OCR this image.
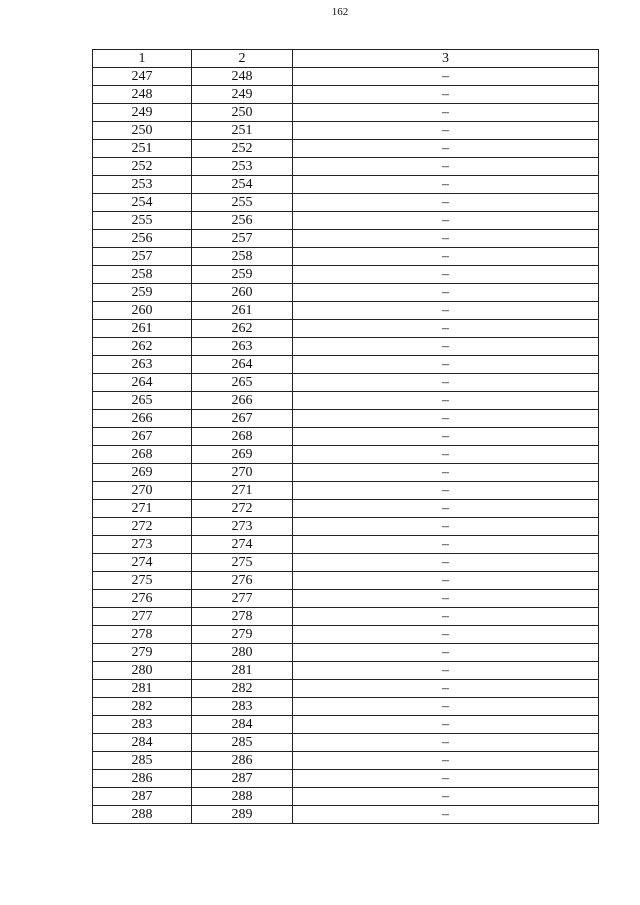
162
1	2	3
247	248	–
248	249	–
249	250	–
250	251	–
251	252	–
252	253	–
253	254	–
254	255	–
255	256	–
256	257	–
257	258	–
258	259	–
259	260	–
260	261	–
261	262	–
262	263	–
263	264	–
264	265	–
265	266	–
266	267	–
267	268	–
268	269	–
269	270	–
270	271	–
271	272	–
272	273	–
273	274	–
274	275	–
275	276	–
276	277	–
277	278	–
278	279	–
279	280	–
280	281	–
281	282	–
282	283	–
283	284	–
284	285	–
285	286	–
286	287	–
287	288	–
288	289	–
